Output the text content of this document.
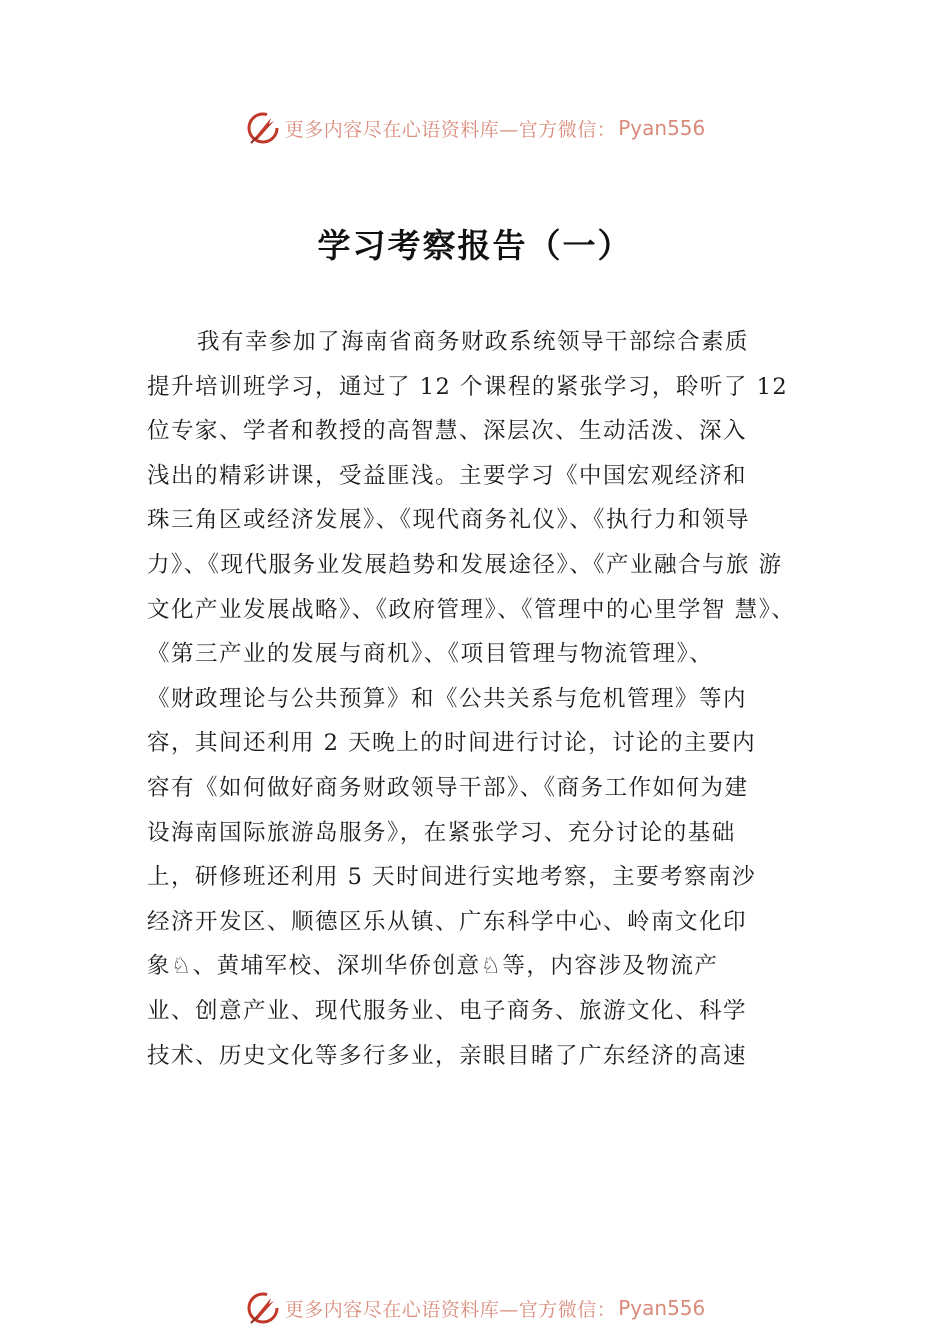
更多内容尽在心语资料库—官方微信： Pyan556
学习考察报告（一）
我有幸参加了海南省商务财政系统领导干部综合素质
提升培训班学习，通过了 12 个课程的紧张学习，聆听了 12
位专家、学者和教授的高智慧、深层次、生动活泼、深入
浅出的精彩讲课，受益匪浅。主要学习《中国宏观经济和
珠三角区或经济发展》、《现代商务礼仪》、《执行力和领导
力》、《现代服务业发展趋势和发展途径》、《产业融合与旅 游
文化产业发展战略》、《政府管理》、《管理中的心里学智 慧》、
《第三产业的发展与商机》、《项目管理与物流管理》、
《财政理论与公共预算》和《公共关系与危机管理》等内
容，其间还利用 2 天晚上的时间进行讨论，讨论的主要内
容有《如何做好商务财政领导干部》、《商务工作如何为建
设海南国际旅游岛服务》，在紧张学习、充分讨论的基础
上，研修班还利用 5 天时间进行实地考察，主要考察南沙
经济开发区、顺德区乐从镇、广东科学中心、岭南文化印
象♘、黄埔军校、深圳华侨创意♘等，内容涉及物流产
业、创意产业、现代服务业、电子商务、旅游文化、科学
技术、历史文化等多行多业，亲眼目睹了广东经济的高速
更多内容尽在心语资料库—官方微信： Pyan556
